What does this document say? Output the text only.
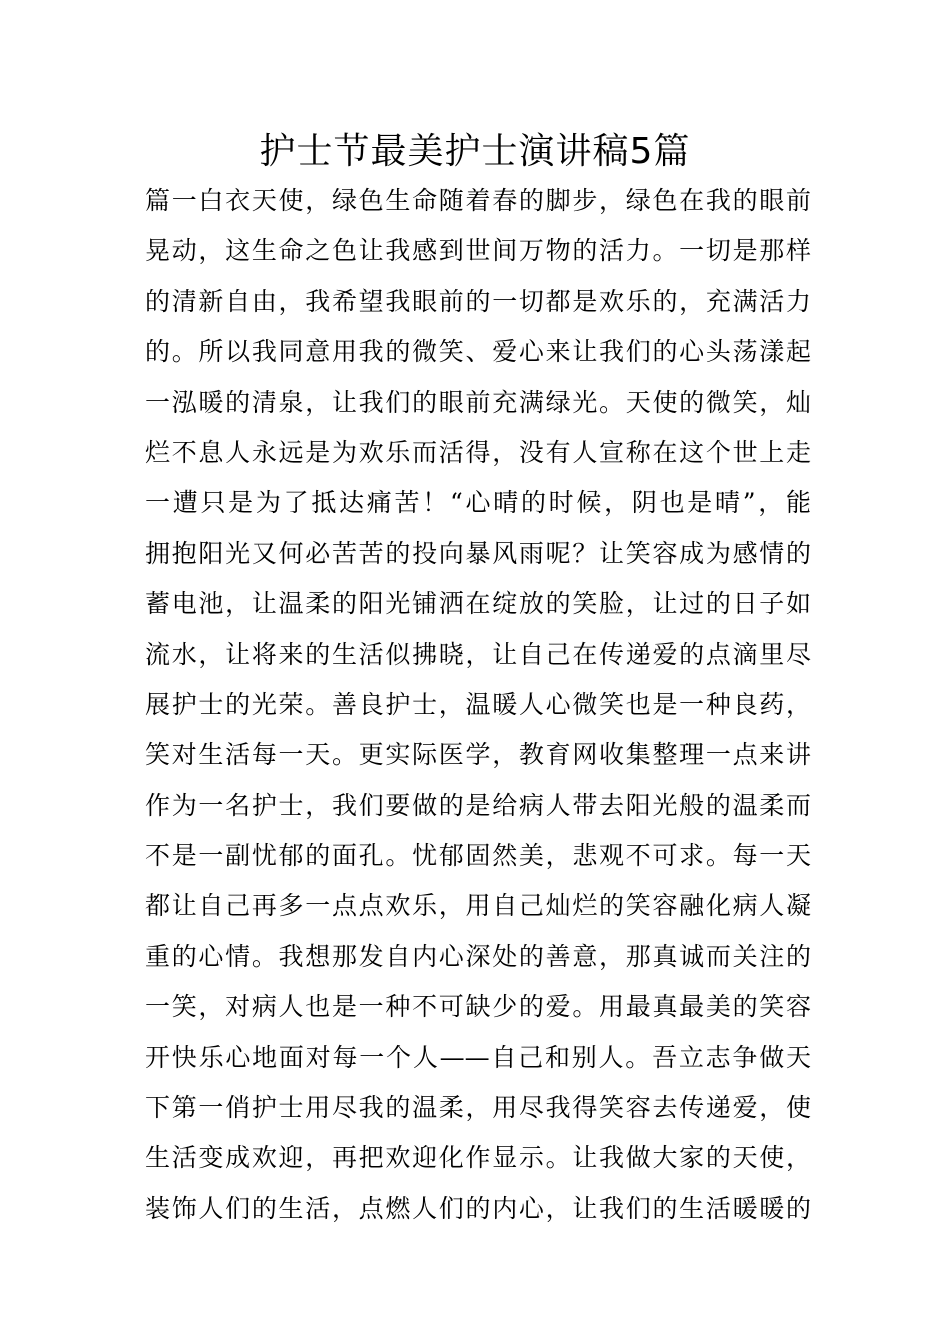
护士节最美护士演讲稿5篇
篇一白衣天使，绿色生命随着春的脚步，绿色在我的眼前
晃动，这生命之色让我感到世间万物的活力。一切是那样
的清新自由，我希望我眼前的一切都是欢乐的，充满活力
的。所以我同意用我的微笑、爱心来让我们的心头荡漾起
一泓暖的清泉，让我们的眼前充满绿光。天使的微笑，灿
烂不息人永远是为欢乐而活得，没有人宣称在这个世上走
一遭只是为了抵达痛苦！“心晴的时候，阴也是晴”，能
拥抱阳光又何必苦苦的投向暴风雨呢？让笑容成为感情的
蓄电池，让温柔的阳光铺洒在绽放的笑脸，让过的日子如
流水，让将来的生活似拂晓，让自己在传递爱的点滴里尽
展护士的光荣。善良护士，温暖人心微笑也是一种良药，
笑对生活每一天。更实际医学，教育网收集整理一点来讲
作为一名护士，我们要做的是给病人带去阳光般的温柔而
不是一副忧郁的面孔。忧郁固然美，悲观不可求。每一天
都让自己再多一点点欢乐，用自己灿烂的笑容融化病人凝
重的心情。我想那发自内心深处的善意，那真诚而关注的
一笑，对病人也是一种不可缺少的爱。用最真最美的笑容
开快乐心地面对每一个人——自己和别人。吾立志争做天
下第一俏护士用尽我的温柔，用尽我得笑容去传递爱，使
生活变成欢迎，再把欢迎化作显示。让我做大家的天使，
装饰人们的生活，点燃人们的内心，让我们的生活暖暖的
